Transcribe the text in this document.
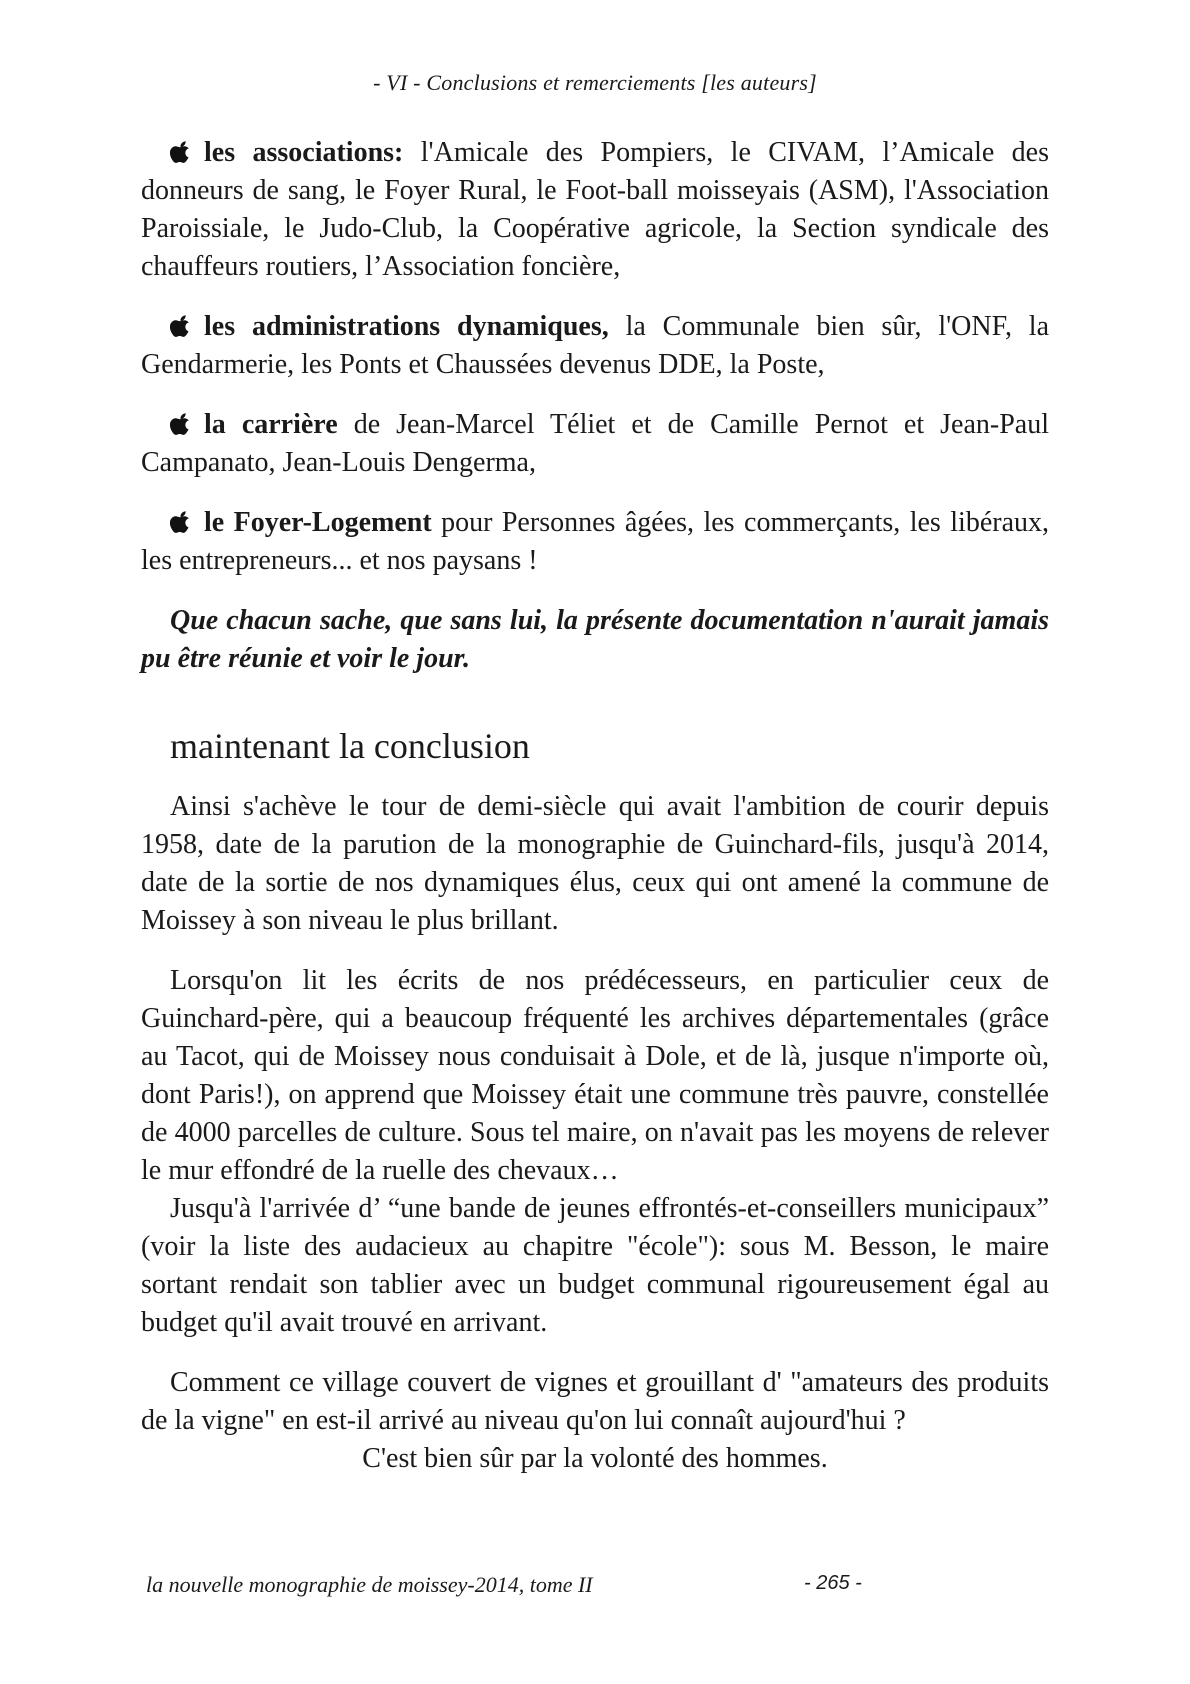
- VI - Conclusions et remerciements [les auteurs]

les associations: l'Amicale des Pompiers, le CIVAM, l’Amicale des donneurs de sang, le Foyer Rural, le Foot-ball moisseyais (ASM), l'Association Paroissiale, le Judo-Club, la Coopérative agricole, la Section syndicale des chauffeurs routiers, l’Association foncière,

les administrations dynamiques, la Communale bien sûr, l'ONF, la Gendarmerie, les Ponts et Chaussées devenus DDE, la Poste,

la carrière de Jean-Marcel Téliet et de Camille Pernot et Jean-Paul Campanato, Jean-Louis Dengerma,

le Foyer-Logement pour Personnes âgées, les commerçants, les libéraux, les entrepreneurs... et nos paysans !

Que chacun sache, que sans lui, la présente documentation n'aurait jamais pu être réunie et voir le jour.

maintenant la conclusion

Ainsi s'achève le tour de demi-siècle qui avait l'ambition de courir depuis 1958, date de la parution de la monographie de Guinchard-fils, jusqu'à 2014, date de la sortie de nos dynamiques élus, ceux qui ont amené la commune de Moissey à son niveau le plus brillant.

Lorsqu'on lit les écrits de nos prédécesseurs, en particulier ceux de Guinchard-père, qui a beaucoup fréquenté les archives départementales (grâce au Tacot, qui de Moissey nous conduisait à Dole, et de là, jusque n'importe où, dont Paris!), on apprend que Moissey était une commune très pauvre, constellée de 4000 parcelles de culture. Sous tel maire, on n'avait pas les moyens de relever le mur effondré de la ruelle des chevaux…

Jusqu'à l'arrivée d’ “une bande de jeunes effrontés-et-conseillers municipaux” (voir la liste des audacieux au chapitre "école"): sous M. Besson, le maire sortant rendait son tablier avec un budget communal rigoureusement égal au budget qu'il avait trouvé en arrivant.

Comment ce village couvert de vignes et grouillant d' "amateurs des produits de la vigne" en est-il arrivé au niveau qu'on lui connaît aujourd'hui ?

C'est bien sûr par la volonté des hommes.

la nouvelle monographie de moissey-2014, tome II	- 265 -
